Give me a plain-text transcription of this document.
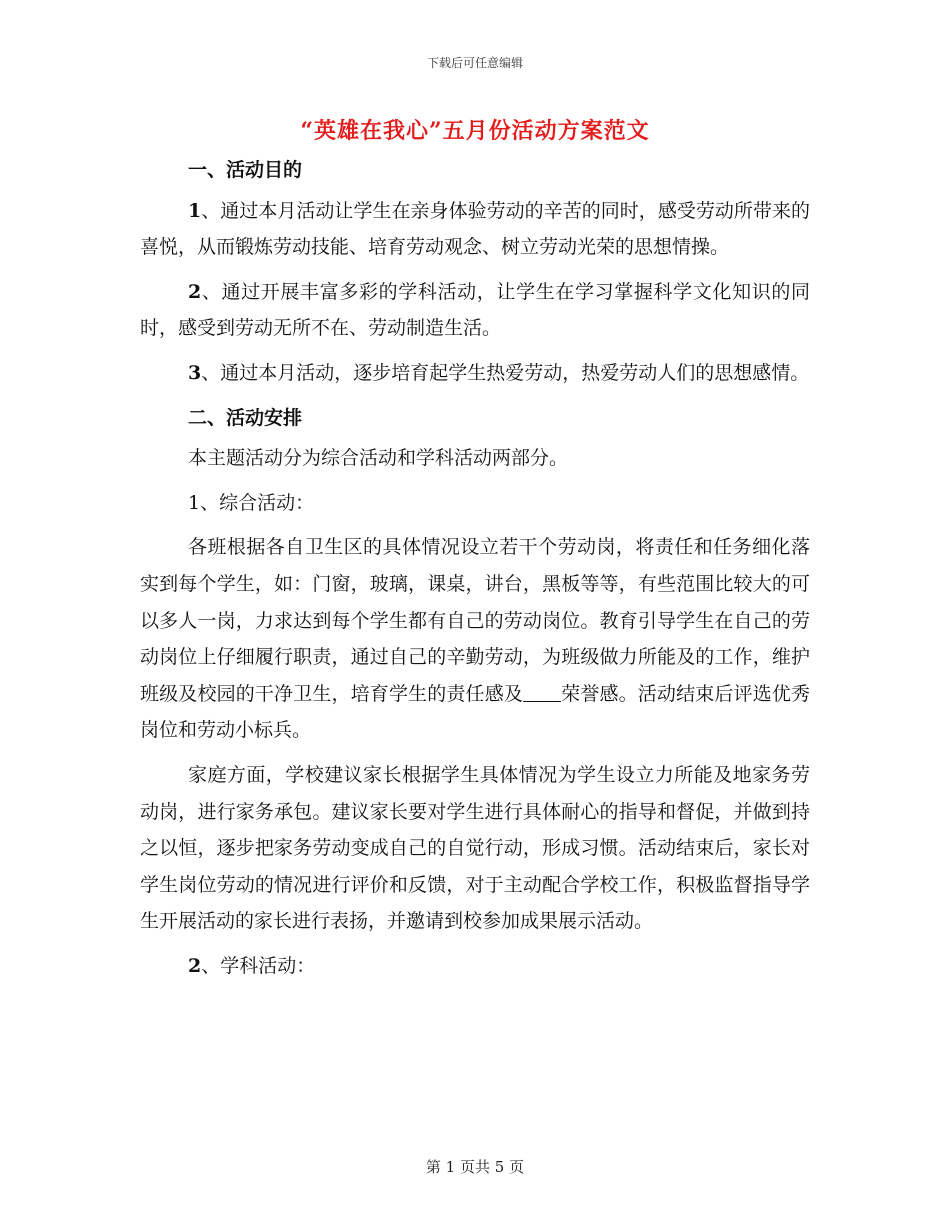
下载后可任意编辑
“英雄在我心”五月份活动方案范文

一、活动目的

1、通过本月活动让学生在亲身体验劳动的辛苦的同时，感受劳动所带来的喜悦，从而锻炼劳动技能、培育劳动观念、树立劳动光荣的思想情操。

2、通过开展丰富多彩的学科活动，让学生在学习掌握科学文化知识的同时，感受到劳动无所不在、劳动制造生活。

3、通过本月活动，逐步培育起学生热爱劳动，热爱劳动人们的思想感情。

二、活动安排

本主题活动分为综合活动和学科活动两部分。

1、综合活动：

各班根据各自卫生区的具体情况设立若干个劳动岗，将责任和任务细化落实到每个学生，如：门窗，玻璃，课桌，讲台，黑板等等，有些范围比较大的可以多人一岗，力求达到每个学生都有自己的劳动岗位。教育引导学生在自己的劳动岗位上仔细履行职责，通过自己的辛勤劳动，为班级做力所能及的工作，维护班级及校园的干净卫生，培育学生的责任感及 荣誉感。活动结束后评选优秀岗位和劳动小标兵。

家庭方面，学校建议家长根据学生具体情况为学生设立力所能及地家务劳动岗，进行家务承包。建议家长要对学生进行具体耐心的指导和督促，并做到持之以恒，逐步把家务劳动变成自己的自觉行动，形成习惯。活动结束后，家长对学生岗位劳动的情况进行评价和反馈，对于主动配合学校工作，积极监督指导学生开展活动的家长进行表扬，并邀请到校参加成果展示活动。

2、学科活动：

第 1 页共 5 页
